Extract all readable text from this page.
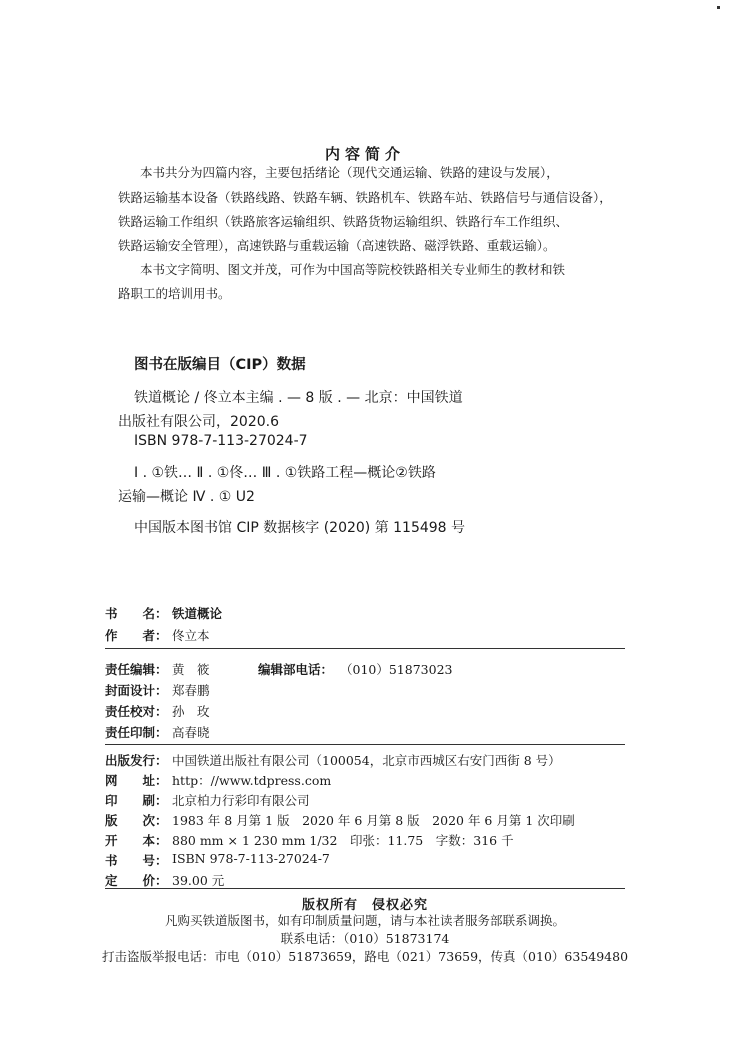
内容简介
本书共分为四篇内容，主要包括绪论（现代交通运输、铁路的建设与发展），
铁路运输基本设备（铁路线路、铁路车辆、铁路机车、铁路车站、铁路信号与通信设备），
铁路运输工作组织（铁路旅客运输组织、铁路货物运输组织、铁路行车工作组织、
铁路运输安全管理），高速铁路与重载运输（高速铁路、磁浮铁路、重载运输）。
本书文字简明、图文并茂，可作为中国高等院校铁路相关专业师生的教材和铁
路职工的培训用书。
图书在版编目（CIP）数据
铁道概论 / 佟立本主编 . — 8 版 . — 北京：中国铁道
出版社有限公司，2020.6
ISBN 978-7-113-27024-7
Ⅰ . ①铁… Ⅱ . ①佟… Ⅲ . ①铁路工程—概论②铁路
运输—概论 Ⅳ . ① U2
中国版本图书馆 CIP 数据核字 (2020) 第 115498 号
书　　名： 铁道概论
作　　者： 佟立本
责任编辑： 黄　筱	编辑部电话： （010）51873023
封面设计： 郑春鹏
责任校对： 孙　玫
责任印制： 高春晓
出版发行： 中国铁道出版社有限公司（100054，北京市西城区右安门西街 8 号）
网　　址： http：//www.tdpress.com
印　　刷： 北京柏力行彩印有限公司
版　　次： 1983 年 8 月第 1 版　2020 年 6 月第 8 版　2020 年 6 月第 1 次印刷
开　　本： 880 mm × 1 230 mm 1/32　印张：11.75　字数：316 千
书　　号： ISBN 978-7-113-27024-7
定　　价： 39.00 元
版权所有　侵权必究
凡购买铁道版图书，如有印制质量问题，请与本社读者服务部联系调换。
联系电话：（010）51873174
打击盗版举报电话：市电（010）51873659，路电（021）73659，传真（010）63549480
